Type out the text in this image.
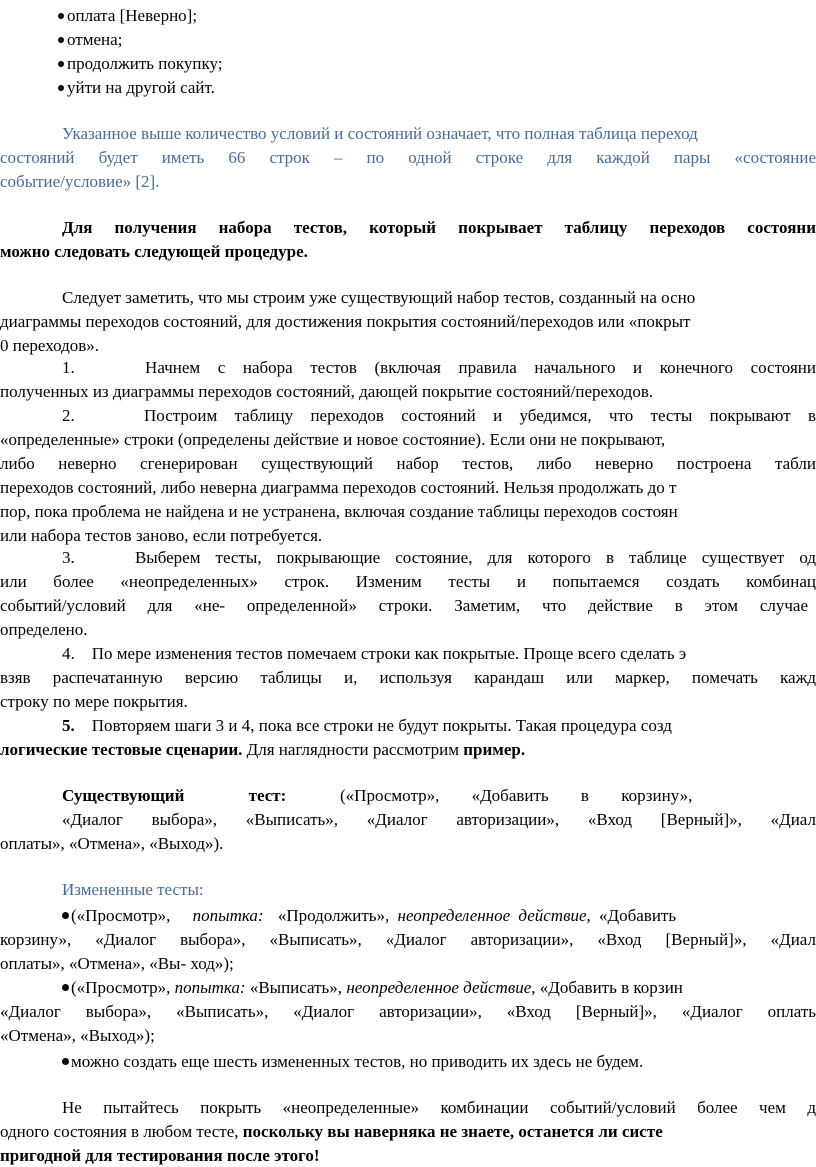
оплата [Неверно];
отмена;
продолжить покупку;
уйти на другой сайт.
Указанное выше количество условий и состояний означает, что полная таблица переход
состояний будет иметь 66 строк – по одной строке для каждой пары «состояние
событие/условие» [2].
Для получения набора тестов, который покрывает таблицу переходов состояни
можно следовать следующей процедуре.
Следует заметить, что мы строим уже существующий набор тестов, созданный на осно
диаграммы переходов состояний, для достижения покрытия состояний/переходов или «покрыт
0 переходов».
1.    Начнем с набора тестов (включая правила начального и конечного состояни
полученных из диаграммы переходов состояний, дающей покрытие состояний/переходов.
2.    Построим таблицу переходов состояний и убедимся, что тесты покрывают в
«определенные» строки (определены действие и новое состояние). Если они не покрывают,
либо неверно сгенерирован существующий набор тестов, либо неверно построена табли
переходов состояний, либо неверна диаграмма переходов состояний. Нельзя продолжать до т
пор, пока проблема не найдена и не устранена, включая создание таблицы переходов состоян
или набора тестов заново, если потребуется.
3.    Выберем тесты, покрывающие состояние, для которого в таблице существует од
или более «неопределенных» строк. Изменим тесты и попытаемся создать комбинац
событий/условий для «не- определенной» строки. Заметим, что действие в этом случае
определено.
4.    По мере изменения тестов помечаем строки как покрытые. Проще всего сделать э
взяв распечатанную версию таблицы и, используя карандаш или маркер, помечать кажд
строку по мере покрытия.
5.    Повторяем шаги 3 и 4, пока все строки не будут покрыты. Такая процедура созд
логические тестовые сценарии. Для наглядности рассмотрим пример.
Существующий тест:	(«Просмотр», «Добавить в корзину»,
«Диалог выбора», «Выписать», «Диалог авторизации», «Вход [Верный]», «Диал
оплаты», «Отмена», «Выход»).
Измененные тесты:
(«Просмотр», попытка: «Продолжить», неопределенное действие, «Добавить
корзину», «Диалог выбора», «Выписать», «Диалог авторизации», «Вход [Верный]», «Диал
оплаты», «Отмена», «Вы- ход»);
(«Просмотр», попытка: «Выписать», неопределенное действие, «Добавить в корзин
«Диалог выбора», «Выписать», «Диалог авторизации», «Вход [Верный]», «Диалог оплать
«Отмена», «Выход»);
можно создать еще шесть измененных тестов, но приводить их здесь не будем.
Не пытайтесь покрыть «неопределенные» комбинации событий/условий более чем д
одного состояния в любом тесте, поскольку вы наверняка не знаете, останется ли систе
пригодной для тестирования после этого!
